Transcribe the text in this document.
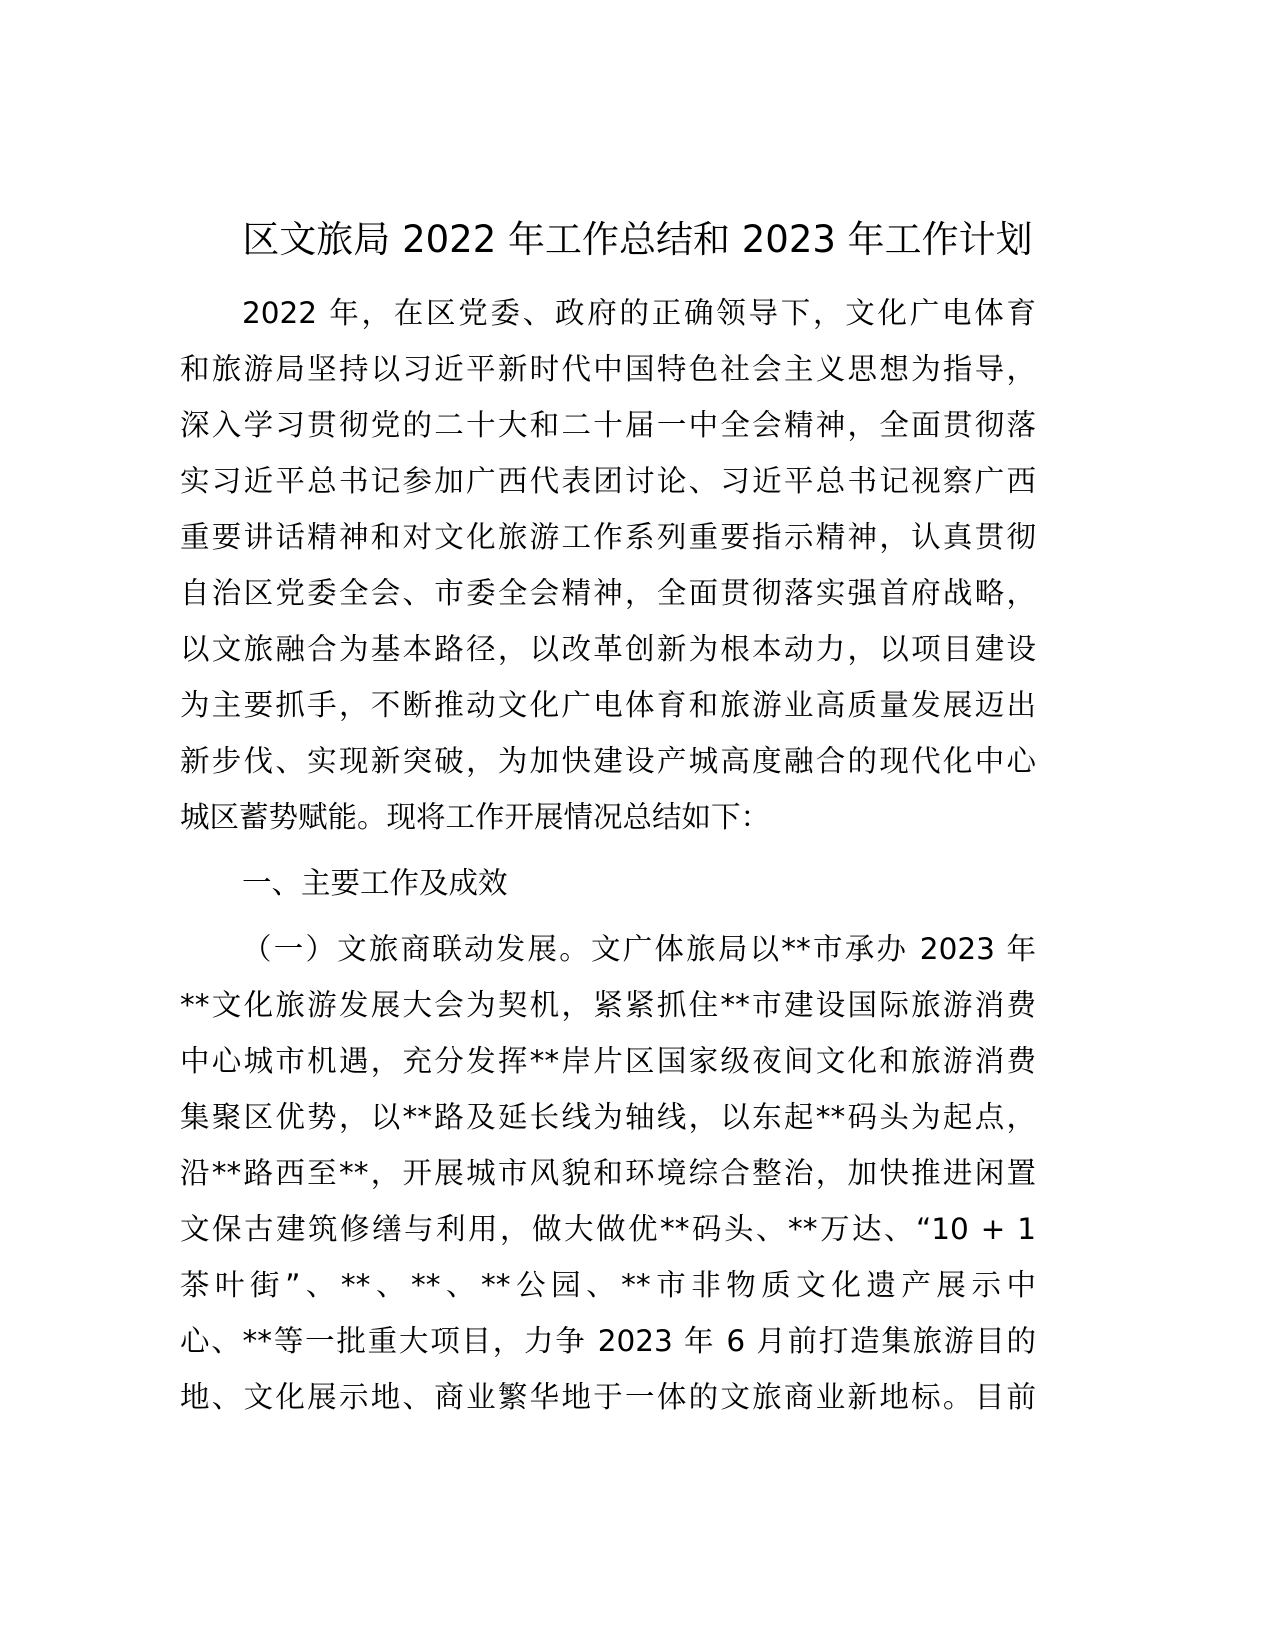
区文旅局 2022 年工作总结和 2023 年工作计划
2022 年，在区党委、政府的正确领导下，文化广电体育
和旅游局坚持以习近平新时代中国特色社会主义思想为指导，
深入学习贯彻党的二十大和二十届一中全会精神，全面贯彻落
实习近平总书记参加广西代表团讨论、习近平总书记视察广西
重要讲话精神和对文化旅游工作系列重要指示精神，认真贯彻
自治区党委全会、市委全会精神，全面贯彻落实强首府战略，
以文旅融合为基本路径，以改革创新为根本动力，以项目建设
为主要抓手，不断推动文化广电体育和旅游业高质量发展迈出
新步伐、实现新突破，为加快建设产城高度融合的现代化中心
城区蓄势赋能。现将工作开展情况总结如下：
一、主要工作及成效
（一）文旅商联动发展。文广体旅局以**市承办 2023 年
**文化旅游发展大会为契机，紧紧抓住**市建设国际旅游消费
中心城市机遇，充分发挥**岸片区国家级夜间文化和旅游消费
集聚区优势，以**路及延长线为轴线，以东起**码头为起点，
沿**路西至**，开展城市风貌和环境综合整治，加快推进闲置
文保古建筑修缮与利用，做大做优**码头、**万达、“10 + 1
茶叶街”、**、**、**公园、**市非物质文化遗产展示中
心、**等一批重大项目，力争 2023 年 6 月前打造集旅游目的
地、文化展示地、商业繁华地于一体的文旅商业新地标。目前
